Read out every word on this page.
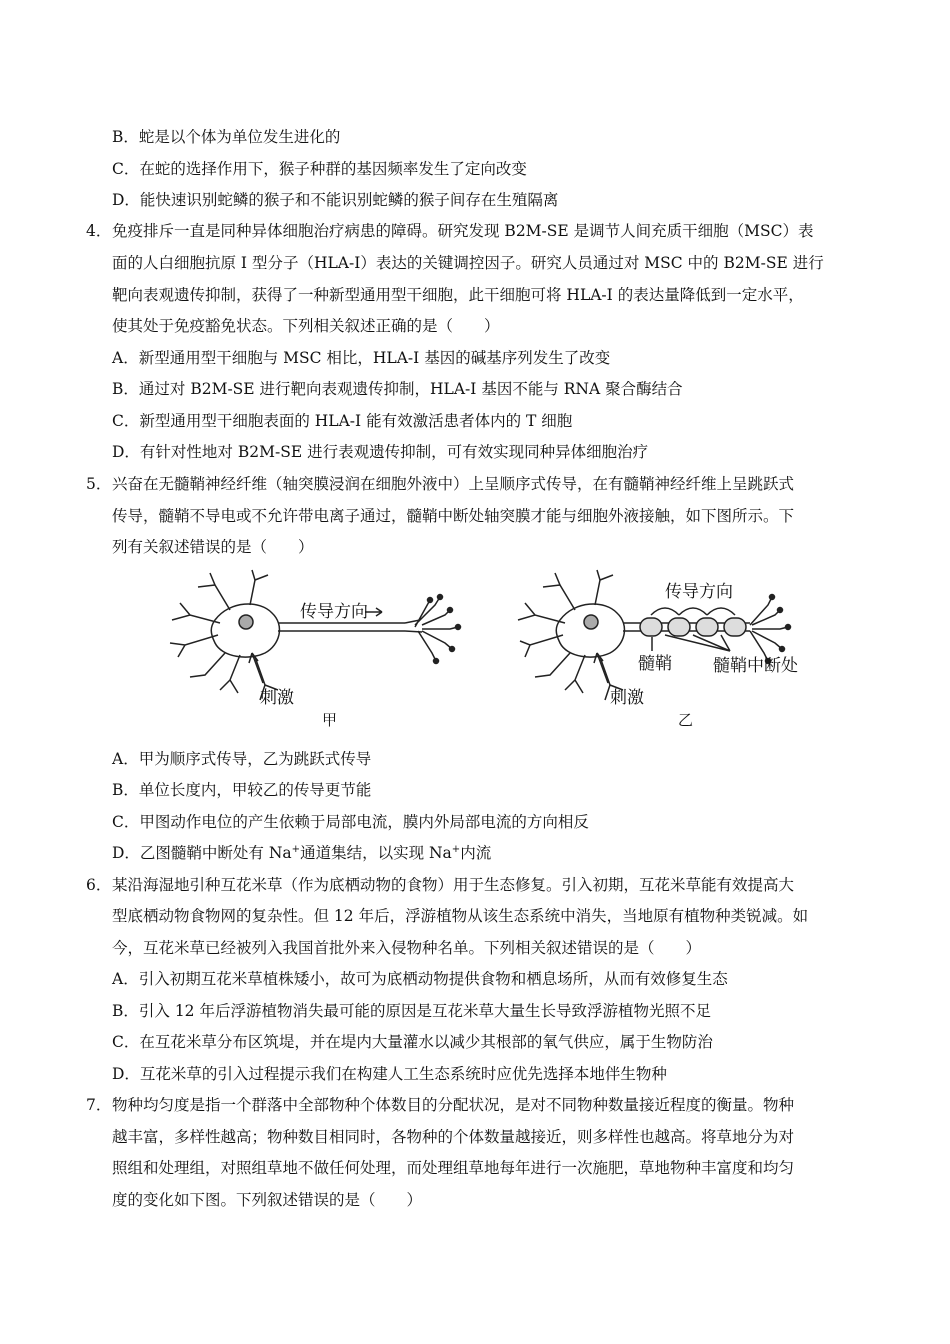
B．蛇是以个体为单位发生进化的
C．在蛇的选择作用下，猴子种群的基因频率发生了定向改变
D．能快速识别蛇鳞的猴子和不能识别蛇鳞的猴子间存在生殖隔离
4． 免疫排斥一直是同种异体细胞治疗病患的障碍。研究发现 B2M-SE 是调节人间充质干细胞（MSC）表
面的人白细胞抗原 I 型分子（HLA-I）表达的关键调控因子。研究人员通过对 MSC 中的 B2M-SE 进行
靶向表观遗传抑制，获得了一种新型通用型干细胞，此干细胞可将 HLA-I 的表达量降低到一定水平，
使其处于免疫豁免状态。下列相关叙述正确的是（　　）
A．新型通用型干细胞与 MSC 相比，HLA-I 基因的碱基序列发生了改变
B．通过对 B2M-SE 进行靶向表观遗传抑制，HLA-I 基因不能与 RNA 聚合酶结合
C．新型通用型干细胞表面的 HLA-I 能有效激活患者体内的 T 细胞
D．有针对性地对 B2M-SE 进行表观遗传抑制，可有效实现同种异体细胞治疗
5． 兴奋在无髓鞘神经纤维（轴突膜浸润在细胞外液中）上呈顺序式传导，在有髓鞘神经纤维上呈跳跃式
传导，髓鞘不导电或不允许带电离子通过，髓鞘中断处轴突膜才能与细胞外液接触，如下图所示。下
列有关叙述错误的是（　　）
传导方向
刺激
甲
传导方向
髓鞘 髓鞘中断处
刺激
乙
A．甲为顺序式传导，乙为跳跃式传导
B．单位长度内，甲较乙的传导更节能
C．甲图动作电位的产生依赖于局部电流，膜内外局部电流的方向相反
D．乙图髓鞘中断处有 Na+通道集结，以实现 Na+内流
6． 某沿海湿地引种互花米草（作为底栖动物的食物）用于生态修复。引入初期，互花米草能有效提高大
型底栖动物食物网的复杂性。但 12 年后，浮游植物从该生态系统中消失，当地原有植物种类锐减。如
今，互花米草已经被列入我国首批外来入侵物种名单。下列相关叙述错误的是（　　）
A．引入初期互花米草植株矮小，故可为底栖动物提供食物和栖息场所，从而有效修复生态
B．引入 12 年后浮游植物消失最可能的原因是互花米草大量生长导致浮游植物光照不足
C．在互花米草分布区筑堤，并在堤内大量灌水以减少其根部的氧气供应，属于生物防治
D．互花米草的引入过程提示我们在构建人工生态系统时应优先选择本地伴生物种
7． 物种均匀度是指一个群落中全部物种个体数目的分配状况，是对不同物种数量接近程度的衡量。物种
越丰富，多样性越高；物种数目相同时，各物种的个体数量越接近，则多样性也越高。将草地分为对
照组和处理组，对照组草地不做任何处理，而处理组草地每年进行一次施肥，草地物种丰富度和均匀
度的变化如下图。下列叙述错误的是（　　）
